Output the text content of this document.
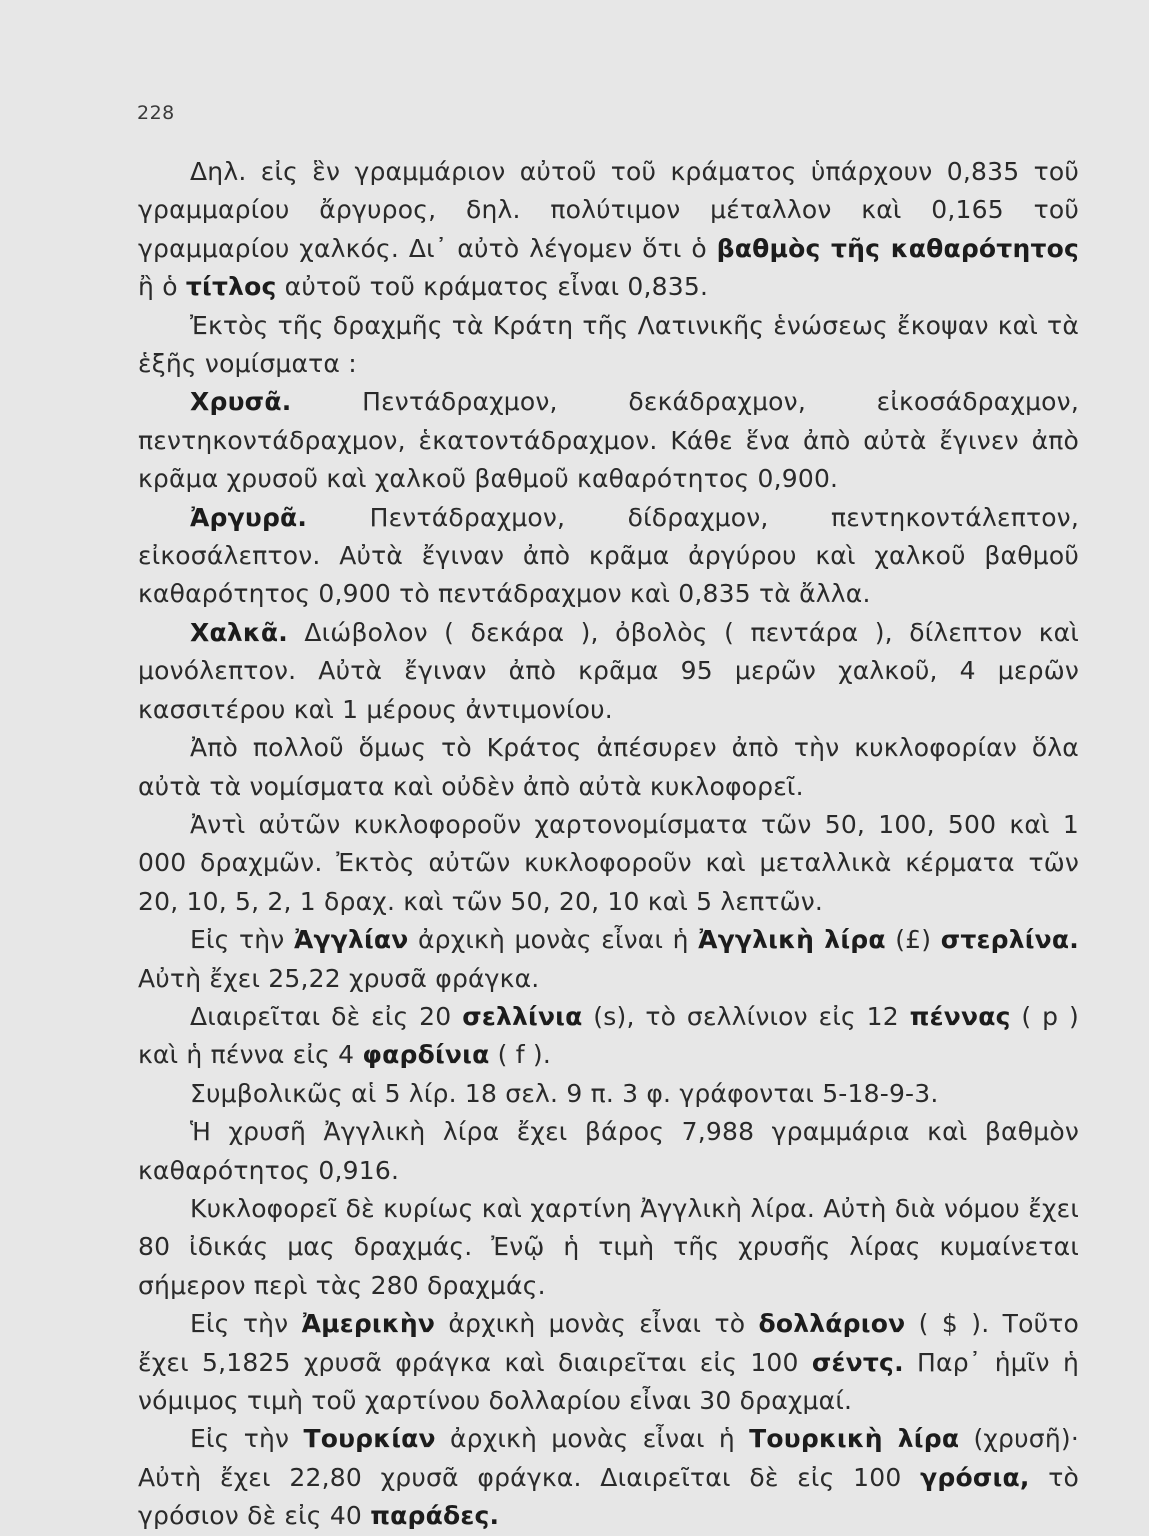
228

Δηλ. εἰς ἓν γραμμάριον αὐτοῦ τοῦ κράματος ὑπάρχουν 0,835 τοῦ γραμμαρίου ἄργυρος, δηλ. πολύτιμον μέταλλον καὶ 0,165 τοῦ γραμμαρίου χαλκός. Δι᾽ αὐτὸ λέγομεν ὅτι ὁ βαθμὸς τῆς καθαρότητος ἢ ὁ τίτλος αὐτοῦ τοῦ κράματος εἶναι 0,835.

Ἐκτὸς τῆς δραχμῆς τὰ Κράτη τῆς Λατινικῆς ἑνώσεως ἔκοψαν καὶ τὰ ἑξῆς νομίσματα :

Χρυσᾶ. Πεντάδραχμον, δεκάδραχμον, εἰκοσάδραχμον, πεντηκοντάδραχμον, ἑκατοντάδραχμον. Κάθε ἕνα ἀπὸ αὐτὰ ἔγινεν ἀπὸ κρᾶμα χρυσοῦ καὶ χαλκοῦ βαθμοῦ καθαρότητος 0,900.

Ἀργυρᾶ. Πεντάδραχμον, δίδραχμον, πεντηκοντάλεπτον, εἰκοσάλεπτον. Αὐτὰ ἔγιναν ἀπὸ κρᾶμα ἀργύρου καὶ χαλκοῦ βαθμοῦ καθαρότητος 0,900 τὸ πεντάδραχμον καὶ 0,835 τὰ ἄλλα.

Χαλκᾶ. Διώβολον ( δεκάρα ), ὀβολὸς ( πεντάρα ), δίλεπτον καὶ μονόλεπτον. Αὐτὰ ἔγιναν ἀπὸ κρᾶμα 95 μερῶν χαλκοῦ, 4 μερῶν κασσιτέρου καὶ 1 μέρους ἀντιμονίου.

Ἀπὸ πολλοῦ ὅμως τὸ Κράτος ἀπέσυρεν ἀπὸ τὴν κυκλοφορίαν ὅλα αὐτὰ τὰ νομίσματα καὶ οὐδὲν ἀπὸ αὐτὰ κυκλοφορεῖ.

Ἀντὶ αὐτῶν κυκλοφοροῦν χαρτονομίσματα τῶν 50, 100, 500 καὶ 1 000 δραχμῶν. Ἐκτὸς αὐτῶν κυκλοφοροῦν καὶ μεταλλικὰ κέρματα τῶν 20, 10, 5, 2, 1 δραχ. καὶ τῶν 50, 20, 10 καὶ 5 λεπτῶν.

Εἰς τὴν Ἀγγλίαν ἀρχικὴ μονὰς εἶναι ἡ Ἀγγλικὴ λίρα (£) στερλίνα. Αὐτὴ ἔχει 25,22 χρυσᾶ φράγκα.

Διαιρεῖται δὲ εἰς 20 σελλίνια (s), τὸ σελλίνιον εἰς 12 πέννας ( p ) καὶ ἡ πέννα εἰς 4 φαρδίνια ( f ).

Συμβολικῶς αἱ 5 λίρ. 18 σελ. 9 π. 3 φ. γράφονται 5-18-9-3.

Ἡ χρυσῆ Ἀγγλικὴ λίρα ἔχει βάρος 7,988 γραμμάρια καὶ βαθμὸν καθαρότητος 0,916.

Κυκλοφορεῖ δὲ κυρίως καὶ χαρτίνη Ἀγγλικὴ λίρα. Αὐτὴ διὰ νόμου ἔχει 80 ἰδικάς μας δραχμάς. Ἐνῷ ἡ τιμὴ τῆς χρυσῆς λίρας κυμαίνεται σήμερον περὶ τὰς 280 δραχμάς.

Εἰς τὴν Ἀμερικὴν ἀρχικὴ μονὰς εἶναι τὸ δολλάριον ( $ ). Τοῦτο ἔχει 5,1825 χρυσᾶ φράγκα καὶ διαιρεῖται εἰς 100 σέντς. Παρ᾽ ἡμῖν ἡ νόμιμος τιμὴ τοῦ χαρτίνου δολλαρίου εἶναι 30 δραχμαί.

Εἰς τὴν Τουρκίαν ἀρχικὴ μονὰς εἶναι ἡ Τουρκικὴ λίρα (χρυσῆ)· Αὐτὴ ἔχει 22,80 χρυσᾶ φράγκα. Διαιρεῖται δὲ εἰς 100 γρόσια, τὸ γρόσιον δὲ εἰς 40 παράδες.
